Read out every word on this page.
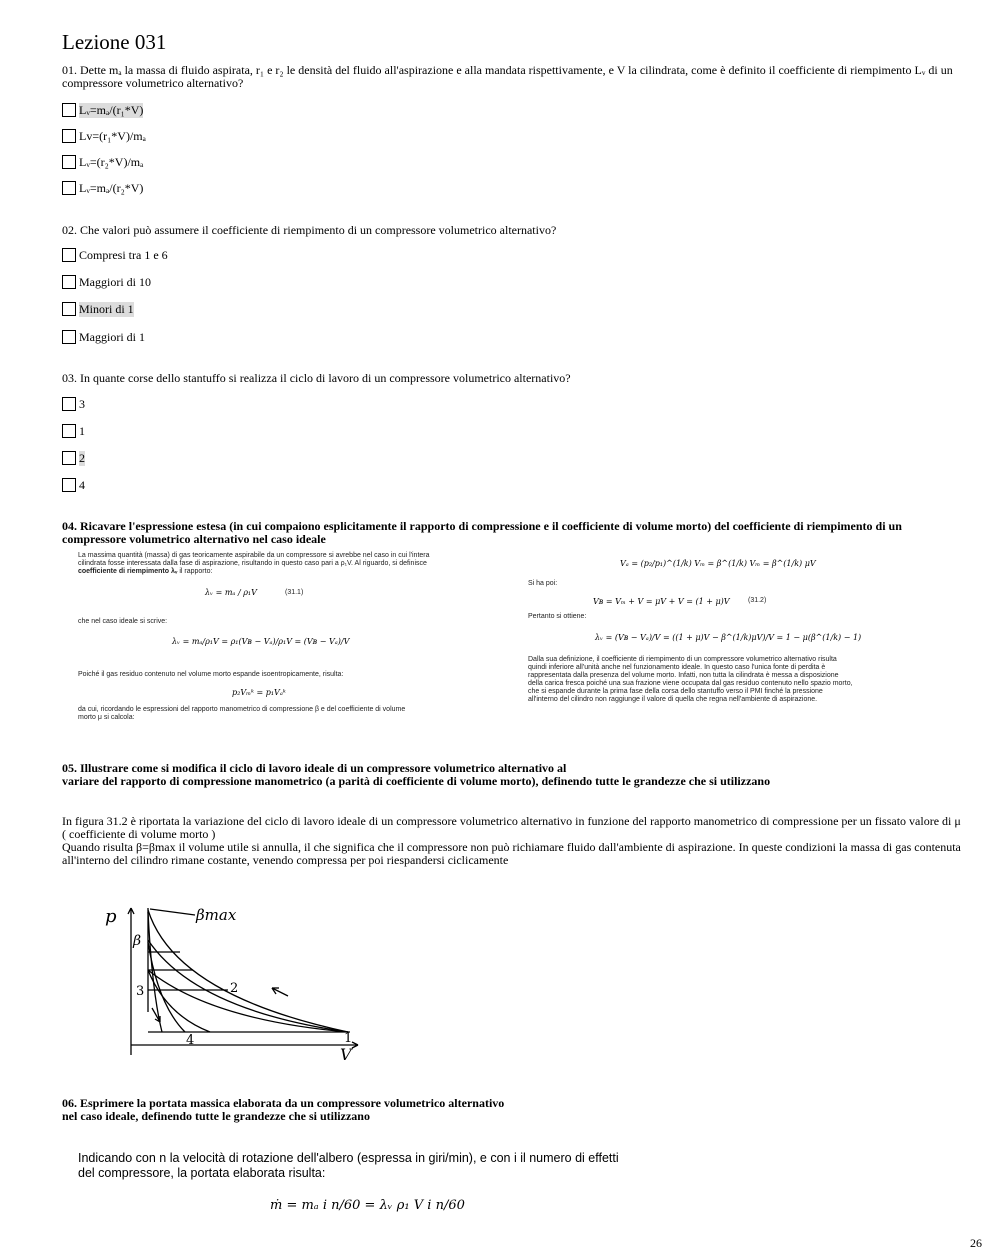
Lezione 031
01. Dette mₐ la massa di fluido aspirata, r₁ e r₂ le densità del fluido all'aspirazione e alla mandata rispettivamente, e V la cilindrata, come è definito il coefficiente di riempimento Lᵥ di un compressore volumetrico alternativo?
Lᵥ=mₐ/(r₁*V)
Lv=(r₁*V)/mₐ
Lᵥ=(r₂*V)/mₐ
Lᵥ=mₐ/(r₂*V)
02. Che valori può assumere il coefficiente di riempimento di un compressore volumetrico alternativo?
Compresi tra 1 e 6
Maggiori di 10
Minori di 1
Maggiori di 1
03. In quante corse dello stantuffo si realizza il ciclo di lavoro di un compressore volumetrico alternativo?
3
1
2
4
04. Ricavare l'espressione estesa (in cui compaiono esplicitamente il rapporto di compressione e il coefficiente di volume morto) del coefficiente di riempimento di un compressore volumetrico alternativo nel caso ideale
La massima quantità (massa) di gas teoricamente aspirabile da un compressore si avrebbe nel caso in cui l'intera cilindrata fosse interessata dalla fase di aspirazione, risultando in questo caso pari a ρ₁V. Al riguardo, si definisce coefficiente di riempimento λᵥ il rapporto:
λᵥ = mₐ / ρ₁V	(31.1)
che nel caso ideale si scrive:
λᵥ = mₐ/ρ₁V = ρ₁(Vʙ − Vₐ)/ρ₁V = (Vʙ − Vₐ)/V
Poiché il gas residuo contenuto nel volume morto espande isoentropicamente, risulta:
p₂Vₘᵏ = p₁Vₐᵏ
da cui, ricordando le espressioni del rapporto manometrico di compressione β e del coefficiente di volume morto μ si calcola:
Vₐ = (p₂/p₁)^(1/k) Vₘ = β^(1/k) Vₘ = β^(1/k) μV
Si ha poi:
Vʙ = Vₘ + V = μV + V = (1 + μ)V	(31.2)
Pertanto si ottiene:
λᵥ = (Vʙ − Vₐ)/V = ((1 + μ)V − β^(1/k)μV)/V = 1 − μ(β^(1/k) − 1)
Dalla sua definizione, il coefficiente di riempimento di un compressore volumetrico alternativo risulta quindi inferiore all'unità anche nel funzionamento ideale. In questo caso l'unica fonte di perdita è rappresentata dalla presenza del volume morto. Infatti, non tutta la cilindrata è messa a disposizione della carica fresca poiché una sua frazione viene occupata dal gas residuo contenuto nello spazio morto, che si espande durante la prima fase della corsa dello stantuffo verso il PMI finché la pressione all'interno del cilindro non raggiunge il valore di quella che regna nell'ambiente di aspirazione.
05. Illustrare come si modifica il ciclo di lavoro ideale di un compressore volumetrico alternativo al
variare del rapporto di compressione manometrico (a parità di coefficiente di volume morto), definendo tutte le grandezze che si utilizzano
In figura 31.2 è riportata la variazione del ciclo di lavoro ideale di un compressore volumetrico alternativo in funzione del rapporto manometrico di compressione per un fissato valore di μ ( coefficiente di volume morto )
Quando risulta β=βmax il volume utile si annulla, il che significa che il compressore non può richiamare fluido dall'ambiente di aspirazione. In queste condizioni la massa di gas contenuta all'interno del cilindro rimane costante, venendo compressa per poi riespandersi ciclicamente
p
V
βmax
β
1
2
3
4
06. Esprimere la portata massica elaborata da un compressore volumetrico alternativo
nel caso ideale, definendo tutte le grandezze che si utilizzano
Indicando con n la velocità di rotazione dell'albero (espressa in giri/min), e con i il numero di effetti del compressore, la portata elaborata risulta:
ṁ = mₐ i n/60 = λᵥ ρ₁ V i n/60
26
